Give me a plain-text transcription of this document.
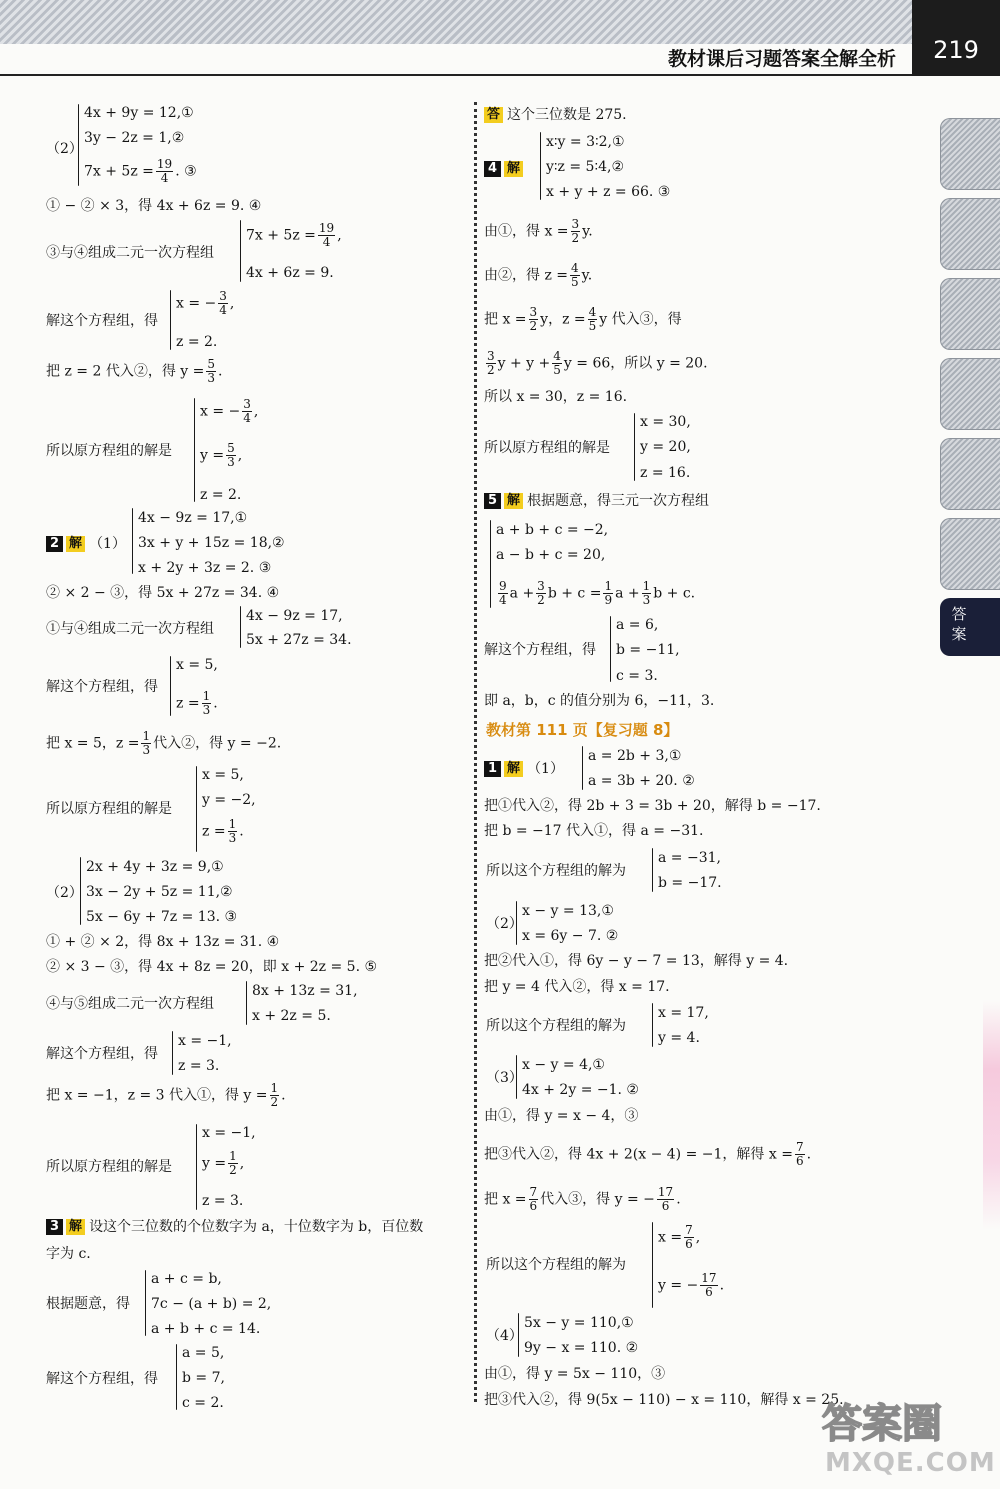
教材课后习题答案全解全析	219
答
案
（2）
4x + 9y = 12,①
3y − 2z = 1,②
$7x + 5z = \frac{19}{4}$ . ③
① − ② × 3，得 4x + 6z = 9. ④
③与④组成二元一次方程组
$7x + 5z = \frac{19}{4}$ ,
4x + 6z = 9.
解这个方程组，得
x = − $\frac{3}{4}$ ,
z = 2.
把 z = 2 代入②，得 $y = \frac{5}{3}$ .
所以原方程组的解是
x = − $\frac{3}{4}$ ,
$y = \frac{5}{3}$ ,
z = 2.
2 解 （1）
4x − 9z = 17,①
3x + y + 15z = 18,②
x + 2y + 3z = 2. ③
② × 2 − ③，得 5x + 27z = 34. ④
①与④组成二元一次方程组
4x − 9z = 17,
5x + 27z = 34.
解这个方程组，得
x = 5,
$z = \frac{1}{3}$ .
把 x = 5，$z = \frac{1}{3}$ 代入②，得 y = −2.
所以原方程组的解是
x = 5,
y = −2,
$z = \frac{1}{3}$ .
（2）
2x + 4y + 3z = 9,①
3x − 2y + 5z = 11,②
5x − 6y + 7z = 13. ③
① + ② × 2，得 8x + 13z = 31. ④
② × 3 − ③，得 4x + 8z = 20，即 x + 2z = 5. ⑤
④与⑤组成二元一次方程组
8x + 13z = 31,
x + 2z = 5.
解这个方程组，得
x = −1,
z = 3.
把 x = −1，z = 3 代入①，得 $y = \frac{1}{2}$ .
所以原方程组的解是
x = −1,
$y = \frac{1}{2}$ ,
z = 3.
3 解 设这个三位数的个位数字为 a，十位数字为 b，百位数
字为 c.
根据题意，得
a + c = b,
7c − (a + b) = 2,
a + b + c = 14.
解这个方程组，得
a = 5,
b = 7,
c = 2.
答 这个三位数是 275.
4 解
x∶y = 3∶2,①
y∶z = 5∶4,②
x + y + z = 66. ③
由①，得 $x = \frac{3}{2} y$.
由②，得 $z = \frac{4}{5} y$.
把 $x = \frac{3}{2}$ y，$z = \frac{4}{5}$ y 代入③，得
$\frac{3}{2}$ $y + y + \frac{4}{5}$ y = 66，所以 y = 20.
所以 x = 30，z = 16.
所以原方程组的解是
x = 30,
y = 20,
z = 16.
5 解 根据题意，得三元一次方程组
a + b + c = −2,
a − b + c = 20,
$\frac{9}{4}$ $a + \frac{3}{2}$ $b + c = \frac{1}{9}$ $a + \frac{1}{3}$ b + c.
解这个方程组，得
a = 6,
b = −11,
c = 3.
即 a，b，c 的值分别为 6，−11，3.
教材第 111 页【复习题 8】
1 解 （1）
a = 2b + 3,①
a = 3b + 20. ②
把①代入②，得 2b + 3 = 3b + 20，解得 b = −17.
把 b = −17 代入①，得 a = −31.
所以这个方程组的解为
a = −31,
b = −17.
（2）
x − y = 13,①
x = 6y − 7. ②
把②代入①，得 6y − y − 7 = 13，解得 y = 4.
把 y = 4 代入②，得 x = 17.
所以这个方程组的解为
x = 17,
y = 4.
（3）
x − y = 4,①
4x + 2y = −1. ②
由①，得 y = x − 4，③
把③代入②，得 4x + 2(x − 4) = −1，解得 $x = \frac{7}{6}$ .
把 $x = \frac{7}{6}$ 代入③，得 y = − $\frac{17}{6}$ .
所以这个方程组的解为
$x = \frac{7}{6}$ ,
y = − $\frac{17}{6}$ .
（4）
5x − y = 110,①
9y − x = 110. ②
由①，得 y = 5x − 110，③
把③代入②，得 9(5x − 110) − x = 110，解得 x = 25.
答案圈
MXQE.COM
